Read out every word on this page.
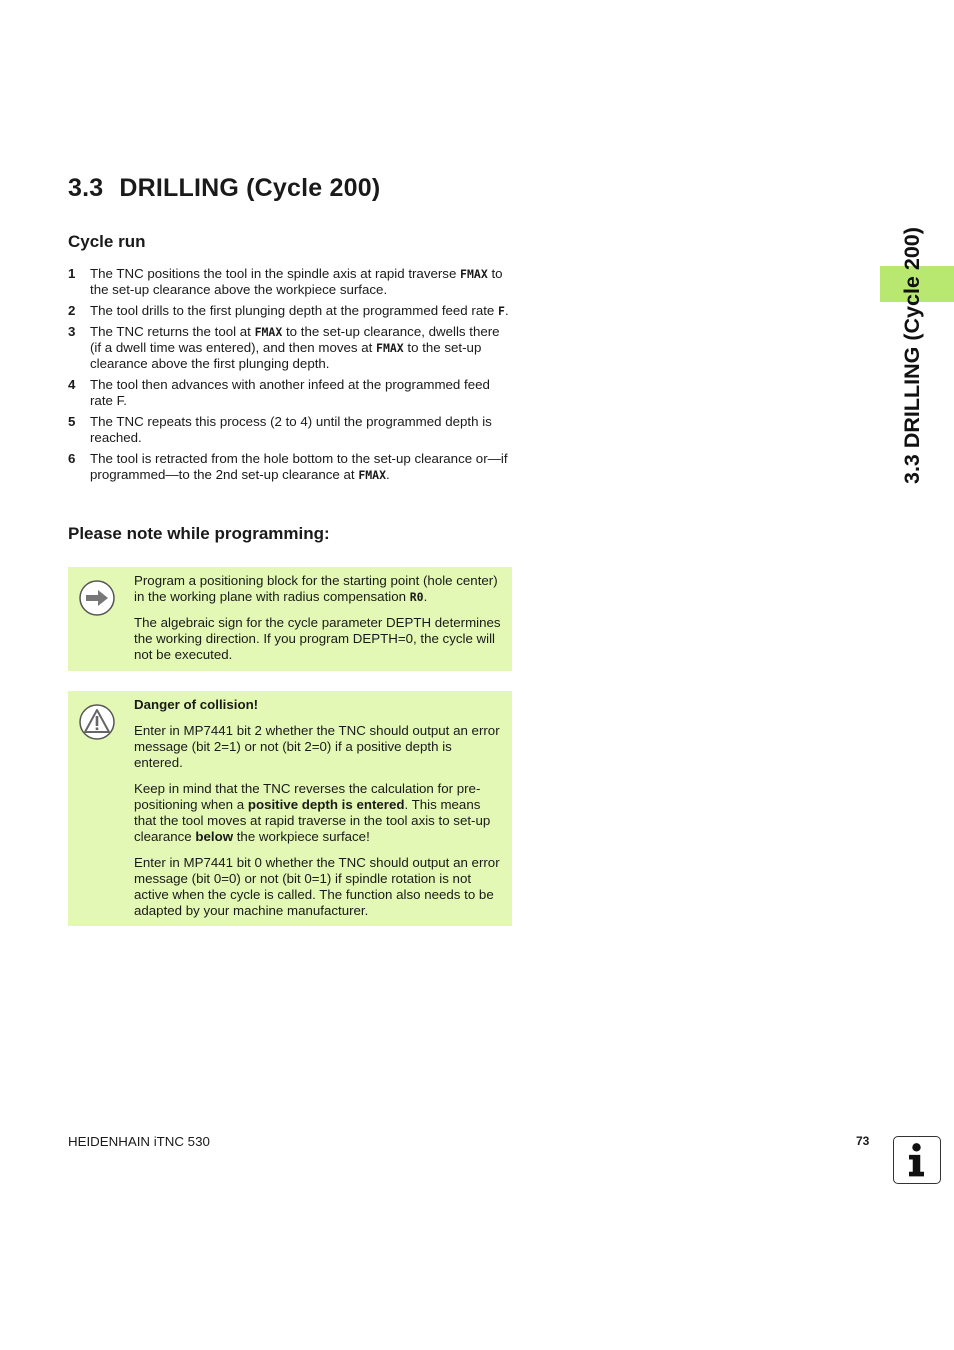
3.3 DRILLING (Cycle 200)
Cycle run
1	The TNC positions the tool in the spindle axis at rapid traverse FMAX to the set-up clearance above the workpiece surface.
2	The tool drills to the first plunging depth at the programmed feed rate F.
3	The TNC returns the tool at FMAX to the set-up clearance, dwells there (if a dwell time was entered), and then moves at FMAX to the set-up clearance above the first plunging depth.
4	The tool then advances with another infeed at the programmed feed rate F.
5	The TNC repeats this process (2 to 4) until the programmed depth is reached.
6	The tool is retracted from the hole bottom to the set-up clearance or—if programmed—to the 2nd set-up clearance at FMAX.
Please note while programming:

Program a positioning block for the starting point (hole center) in the working plane with radius compensation R0.

The algebraic sign for the cycle parameter DEPTH determines the working direction. If you program DEPTH=0, the cycle will not be executed.

Danger of collision!

Enter in MP7441 bit 2 whether the TNC should output an error message (bit 2=1) or not (bit 2=0) if a positive depth is entered.

Keep in mind that the TNC reverses the calculation for pre-positioning when a positive depth is entered. This means that the tool moves at rapid traverse in the tool axis to set-up clearance below the workpiece surface!

Enter in MP7441 bit 0 whether the TNC should output an error message (bit 0=0) or not (bit 0=1) if spindle rotation is not active when the cycle is called. The function also needs to be adapted by your machine manufacturer.

3.3 DRILLING (Cycle 200)
HEIDENHAIN iTNC 530	73
